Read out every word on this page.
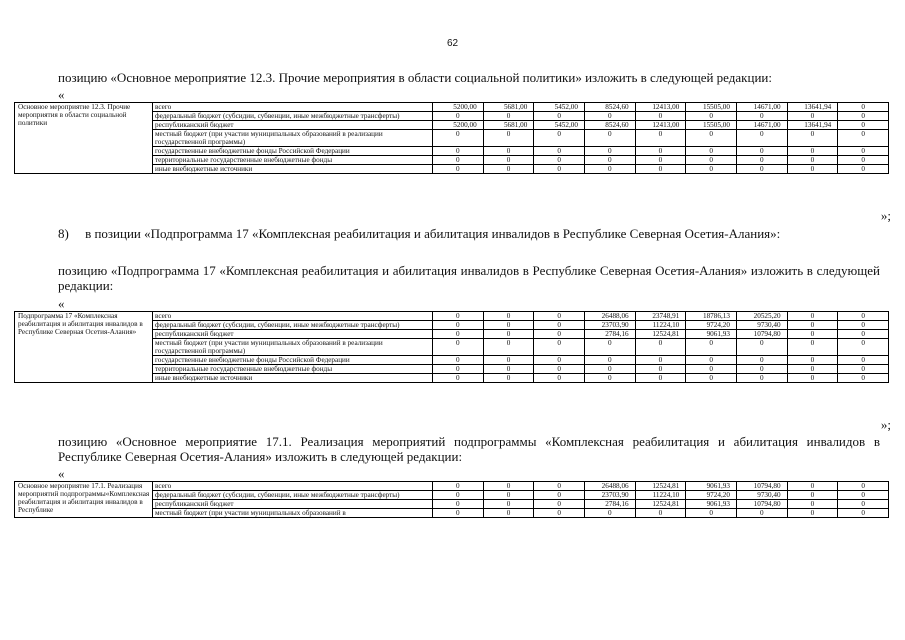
62
позицию «Основное мероприятие 12.3. Прочие мероприятия в области социальной политики» изложить в следующей редакции:
«
Основное мероприятие 12.3. Прочие мероприятия в области социальной политики	всего	5200,00	5681,00	5452,00	8524,60	12413,00	15505,00	14671,00	13641,94	0
	федеральный бюджет (субсидии, субвенции, иные межбюджетные трансферты)	0	0	0	0	0	0	0	0	0
	республиканский бюджет	5200,00	5681,00	5452,00	8524,60	12413,00	15505,00	14671,00	13641,94	0
	местный бюджет (при участии муниципальных образований в реализации государственной программы)	0	0	0	0	0	0	0	0	0
	государственные внебюджетные фонды Российской Федерации	0	0	0	0	0	0	0	0	0
	территориальные государственные внебюджетные фонды	0	0	0	0	0	0	0	0	0
	иные внебюджетные источники	0	0	0	0	0	0	0	0	0
»;
8)     в позиции «Подпрограмма 17 «Комплексная реабилитация и абилитация инвалидов в Республике Северная Осетия-Алания»:
позицию «Подпрограмма 17 «Комплексная реабилитация и абилитация инвалидов в Республике Северная Осетия-Алания» изложить в следующей редакции:
«
Подпрограмма 17 «Комплексная реабилитация и абилитация инвалидов в Республике Северная Осетия-Алания»	всего	0	0	0	26488,06	23748,91	18786,13	20525,20	0	0
	федеральный бюджет (субсидии, субвенции, иные межбюджетные трансферты)	0	0	0	23703,90	11224,10	9724,20	9730,40	0	0
	республиканский бюджет	0	0	0	2784,16	12524,81	9061,93	10794,80	0	0
	местный бюджет (при участии муниципальных образований в реализации государственной программы)	0	0	0	0	0	0	0	0	0
	государственные внебюджетные фонды Российской Федерации	0	0	0	0	0	0	0	0	0
	территориальные государственные внебюджетные фонды	0	0	0	0	0	0	0	0	0
	иные внебюджетные источники	0	0	0	0	0	0	0	0	0
»;
позицию «Основное мероприятие 17.1. Реализация мероприятий подпрограммы «Комплексная реабилитация и абилитация инвалидов в Республике Северная Осетия-Алания» изложить в следующей редакции:
«
Основное мероприятие 17.1. Реализация мероприятий подпрограммы«Комплексная реабилитация и абилитация инвалидов в Республике	всего	0	0	0	26488,06	12524,81	9061,93	10794,80	0	0
	федеральный бюджет (субсидии, субвенции, иные межбюджетные трансферты)	0	0	0	23703,90	11224,10	9724,20	9730,40	0	0
	республиканский бюджет	0	0	0	2784,16	12524,81	9061,93	10794,80	0	0
	местный бюджет (при участии муниципальных образований в	0	0	0	0	0	0	0	0	0
